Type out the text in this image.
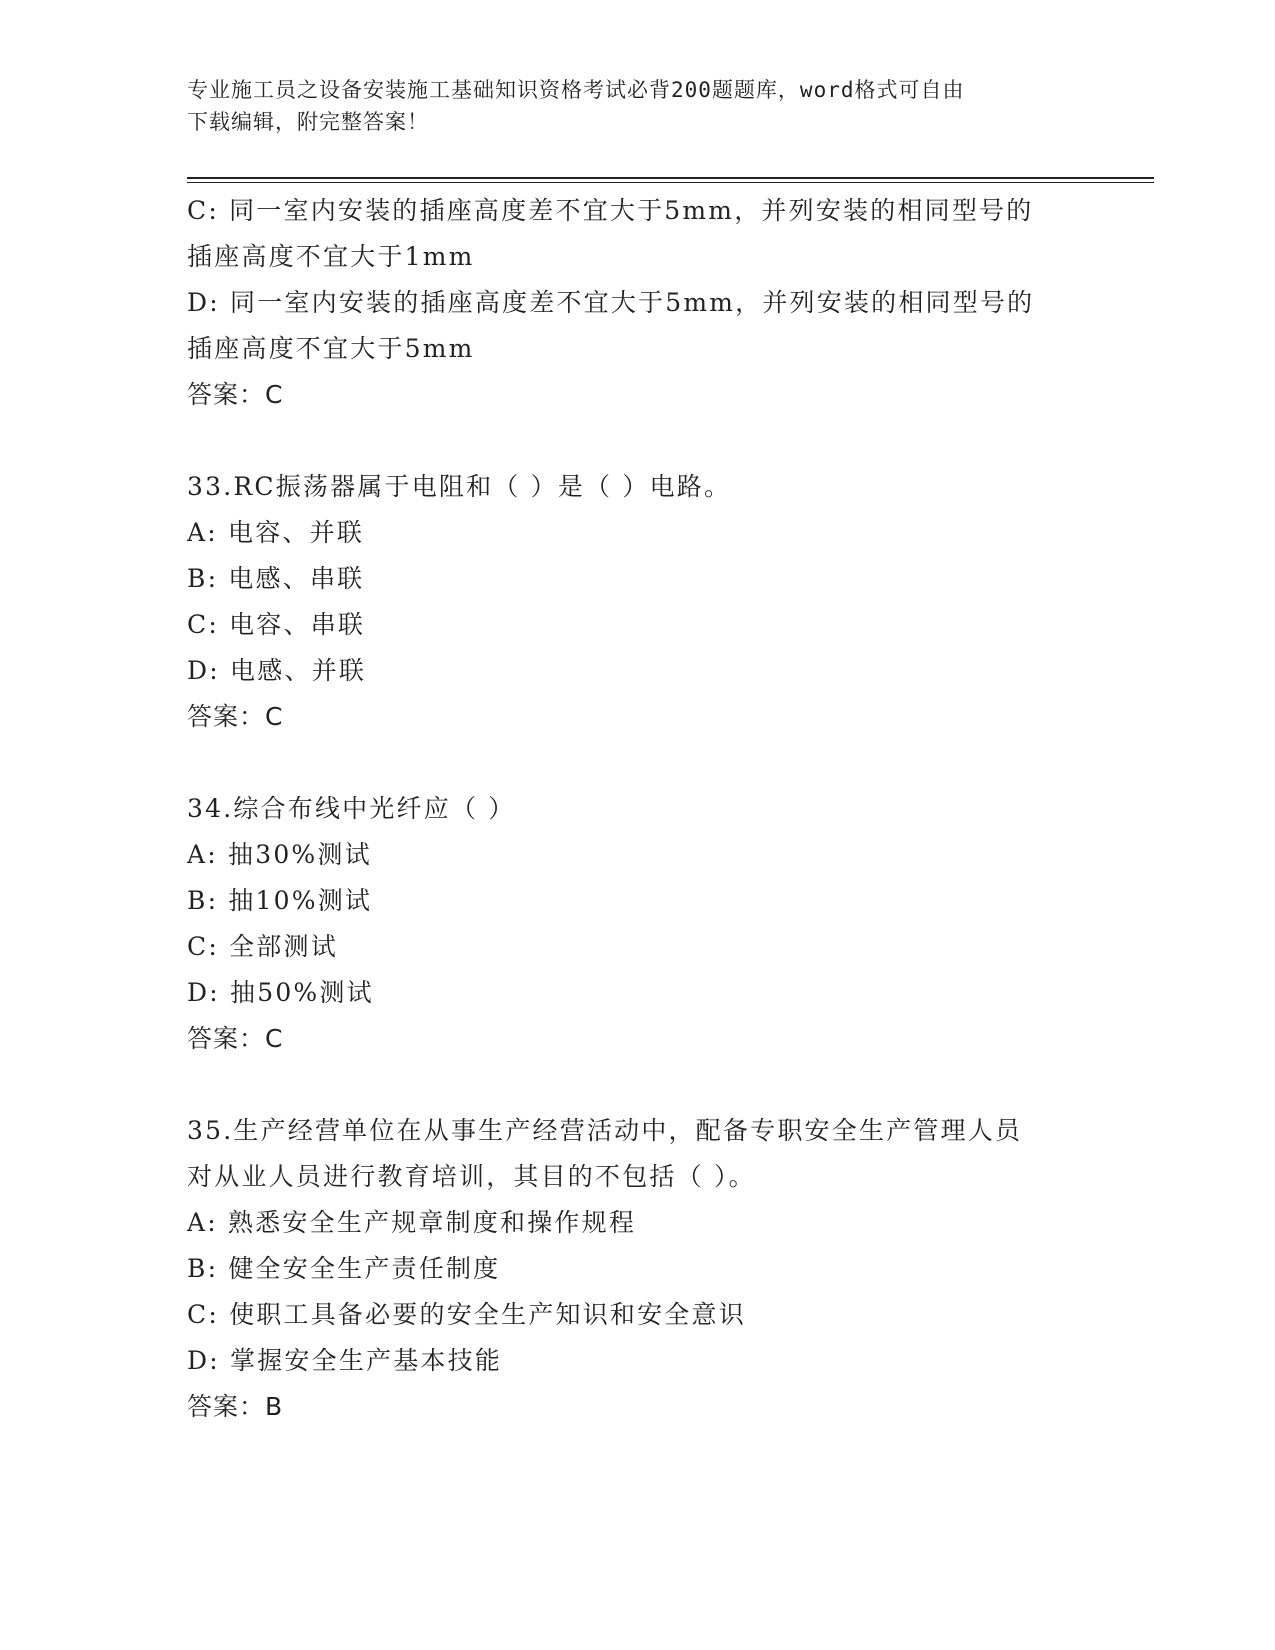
专业施工员之设备安装施工基础知识资格考试必背200题题库，word格式可自由
下载编辑，附完整答案！
C: 同一室内安装的插座高度差不宜大于5mm，并列安装的相同型号的
插座高度不宜大于1mm
D: 同一室内安装的插座高度差不宜大于5mm，并列安装的相同型号的
插座高度不宜大于5mm
答案：C
33.RC振荡器属于电阻和（ ）是（ ）电路。
A: 电容、并联
B: 电感、串联
C: 电容、串联
D: 电感、并联
答案：C
34.综合布线中光纤应（ ）
A: 抽30%测试
B: 抽10%测试
C: 全部测试
D: 抽50%测试
答案：C
35.生产经营单位在从事生产经营活动中，配备专职安全生产管理人员
对从业人员进行教育培训，其目的不包括（ ）。
A: 熟悉安全生产规章制度和操作规程
B: 健全安全生产责任制度
C: 使职工具备必要的安全生产知识和安全意识
D: 掌握安全生产基本技能
答案：B
